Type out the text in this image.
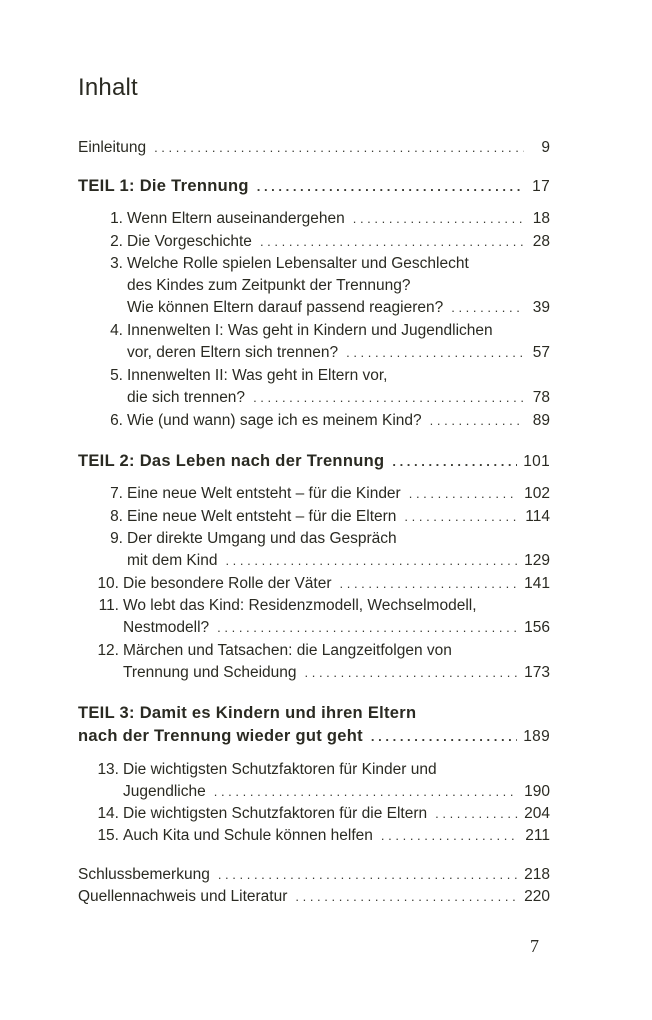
Inhalt
Einleitung . . .	9
TEIL 1: Die Trennung . . .	17
1. Wenn Eltern auseinandergehen . . .	18
2. Die Vorgeschichte . . .	28
3. Welche Rolle spielen Lebensalter und Geschlecht
des Kindes zum Zeitpunkt der Trennung?
Wie können Eltern darauf passend reagieren? . . .	39
4. Innenwelten I: Was geht in Kindern und Jugendlichen
vor, deren Eltern sich trennen? . . .	57
5. Innenwelten II: Was geht in Eltern vor,
die sich trennen? . . .	78
6. Wie (und wann) sage ich es meinem Kind? . . .	89
TEIL 2: Das Leben nach der Trennung . . .	101
7. Eine neue Welt entsteht – für die Kinder . . .	102
8. Eine neue Welt entsteht – für die Eltern . . .	114
9. Der direkte Umgang und das Gespräch
mit dem Kind . . .	129
10. Die besondere Rolle der Väter . . .	141
11. Wo lebt das Kind: Residenzmodell, Wechselmodell,
Nestmodell? . . .	156
12. Märchen und Tatsachen: die Langzeitfolgen von
Trennung und Scheidung . . .	173
TEIL 3: Damit es Kindern und ihren Eltern
nach der Trennung wieder gut geht . . .	189
13. Die wichtigsten Schutzfaktoren für Kinder und
Jugendliche . . .	190
14. Die wichtigsten Schutzfaktoren für die Eltern . . .	204
15. Auch Kita und Schule können helfen . . .	211
Schlussbemerkung . . .	218
Quellennachweis und Literatur . . .	220
7
